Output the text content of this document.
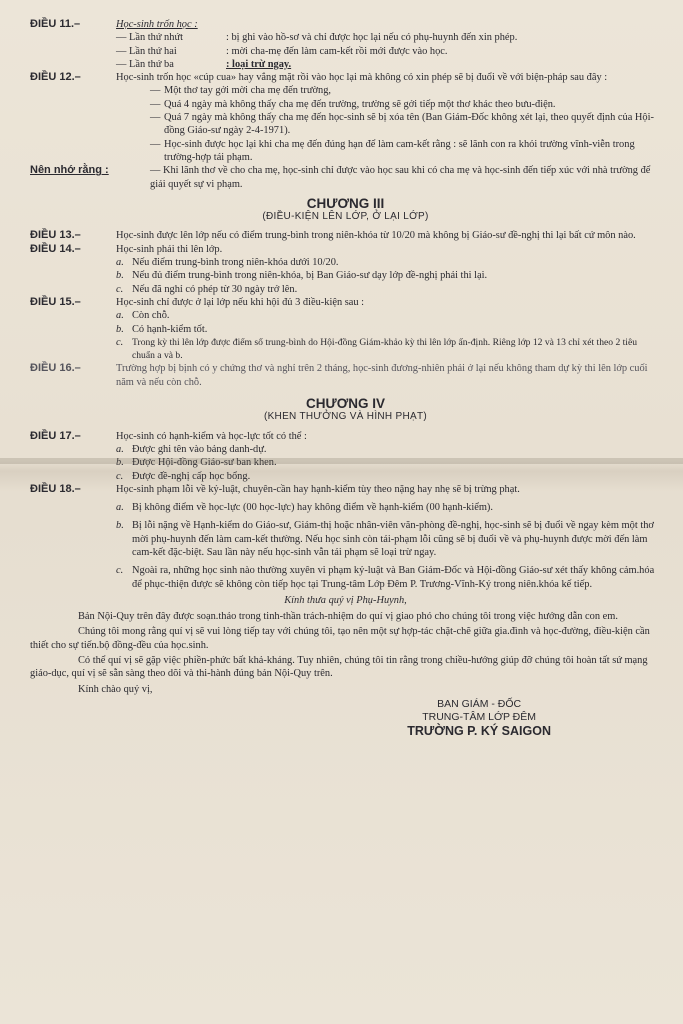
ĐIỀU 11.–	Học-sinh trốn học :
— Lần thứ nhứt	: bị ghi vào hồ-sơ và chỉ được học lại nếu có phụ-huynh đến xin phép.
— Lần thứ hai	: mời cha-mẹ đến làm cam-kết rồi mới được vào học.
— Lần thứ ba	: loại trừ ngay.
ĐIỀU 12.–	Học-sinh trốn học «cúp cua» hay vắng mặt rồi vào học lại mà không có xin phép sẽ bị đuổi về với biện-pháp sau đây :
— Một thơ tay gởi mời cha mẹ đến trường,
— Quá 4 ngày mà không thấy cha mẹ đến trường, trường sẽ gởi tiếp một thơ khác theo bưu-điện.
— Quá 7 ngày mà không thấy cha mẹ đến học-sinh sẽ bị xóa tên (Ban Giám-Đốc không xét lại, theo quyết định của Hội-đồng Giáo-sư ngày 2-4-1971).
— Học-sinh được học lại khi cha mẹ đến đúng hạn để làm cam-kết rằng : sẽ lãnh con ra khỏi trường vĩnh-viễn trong trường-hợp tái phạm.
Nên nhớ rằng :	— Khi lãnh thơ về cho cha mẹ, học-sinh chỉ được vào học sau khi có cha mẹ và học-sinh đến tiếp xúc với nhà trường để giải quyết sự vi phạm.
CHƯƠNG III
(ĐIỀU-KIỆN LÊN LỚP, Ở LẠI LỚP)
ĐIỀU 13.–	Học-sinh được lên lớp nếu có điểm trung-bình trong niên-khóa từ 10/20 mà không bị Giáo-sư đề-nghị thi lại bất cứ môn nào.
ĐIỀU 14.–	Học-sinh phải thi lên lớp.
a. Nếu điểm trung-bình trong niên-khóa dưới 10/20.
b. Nếu đủ điểm trung-bình trong niên-khóa, bị Ban Giáo-sư dạy lớp đề-nghị phải thi lại.
c. Nếu đã nghỉ có phép từ 30 ngày trở lên.
ĐIỀU 15.–	Học-sinh chỉ được ở lại lớp nếu khi hội đủ 3 điều-kiện sau :
a. Còn chỗ.
b. Có hạnh-kiểm tốt.
c. Trong kỳ thi lên lớp được điểm số trung-bình do Hội-đồng Giám-khảo kỳ thi lên lớp ấn-định. Riêng lớp 12 và 13 chỉ xét theo 2 tiêu chuẩn a và b.
ĐIỀU 16.–	Trường hợp bị bịnh có y chứng thơ và nghỉ trên 2 tháng, học-sinh đương-nhiên phải ở lại nếu không tham dự kỳ thi lên lớp cuối năm và nếu còn chỗ.
CHƯƠNG IV
(KHEN THƯỞNG VÀ HÌNH PHẠT)
ĐIỀU 17.–	Học-sinh có hạnh-kiểm và học-lực tốt có thể :
a. Được ghi tên vào bảng danh-dự.
b. Được Hội-đồng Giáo-sư ban khen.
c. Được đề-nghị cấp học bổng.
ĐIỀU 18.–	Học-sinh phạm lỗi về kỷ-luật, chuyên-cần hay hạnh-kiểm tùy theo nặng hay nhẹ sẽ bị trừng phạt.
a. Bị không điểm về học-lực (00 học-lực) hay không điểm về hạnh-kiểm (00 hạnh-kiểm).
b. Bị lỗi nặng về Hạnh-kiểm do Giáo-sư, Giám-thị hoặc nhân-viên văn-phòng đề-nghị, học-sinh sẽ bị đuổi về ngay kèm một thơ mời phụ-huynh đến làm cam-kết thường. Nếu học sinh còn tái-phạm lỗi cũng sẽ bị đuổi về và phụ-huynh được mời đến làm cam-kết đặc-biệt. Sau lần này nếu học-sinh vẫn tái phạm sẽ loại trừ ngay.
c. Ngoài ra, những học sinh nào thường xuyên vi phạm kỷ-luật và Ban Giám-Đốc và Hội-đồng Giáo-sư xét thấy không cảm.hóa để phục-thiện được sẽ không còn tiếp học tại Trung-tâm Lớp Đêm P. Trương-Vĩnh-Ký trong niên.khóa kế tiếp.
Kính thưa quý vị Phụ-Huynh,
Bản Nội-Quy trên đây được soạn.thảo trong tinh-thần trách-nhiệm do quí vị giao phó cho chúng tôi trong việc hướng dẫn con em.
Chúng tôi mong rằng quí vị sẽ vui lòng tiếp tay với chúng tôi, tạo nên một sự hợp-tác chặt-chẽ giữa gia.đình và học-đường, điều-kiện cần thiết cho sự tiến.bộ đồng-đều của học.sinh.
Có thể quí vị sẽ gặp việc phiền-phức bất khả-kháng. Tuy nhiên, chúng tôi tin rằng trong chiều-hướng giúp đỡ chúng tôi hoàn tất sứ mạng giáo-dục, quí vị sẽ sẵn sàng theo dõi và thi-hành đúng bản Nội-Quy trên.
Kính chào quý vị,
BAN GIÁM - ĐỐC
TRUNG-TÂM LỚP ĐÊM
TRƯỜNG P. KÝ SAIGON
